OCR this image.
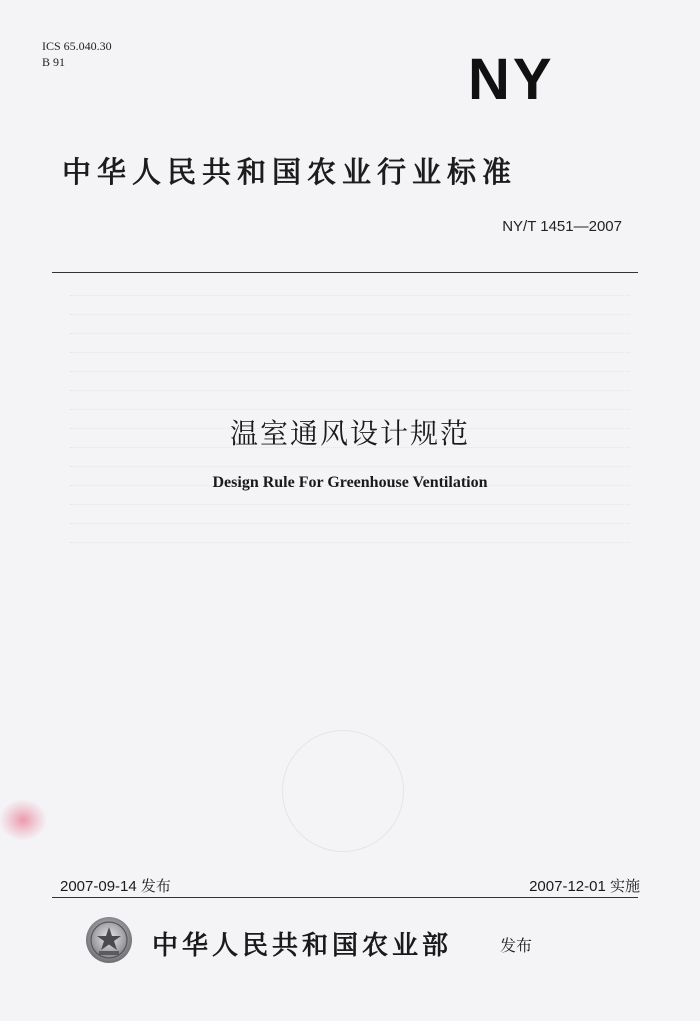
ICS 65.040.30
B 91	NY
中华人民共和国农业行业标准
NY/T 1451—2007
温室通风设计规范
Design Rule For Greenhouse Ventilation
2007-09-14 发布	2007-12-01 实施
中华人民共和国农业部	发布
